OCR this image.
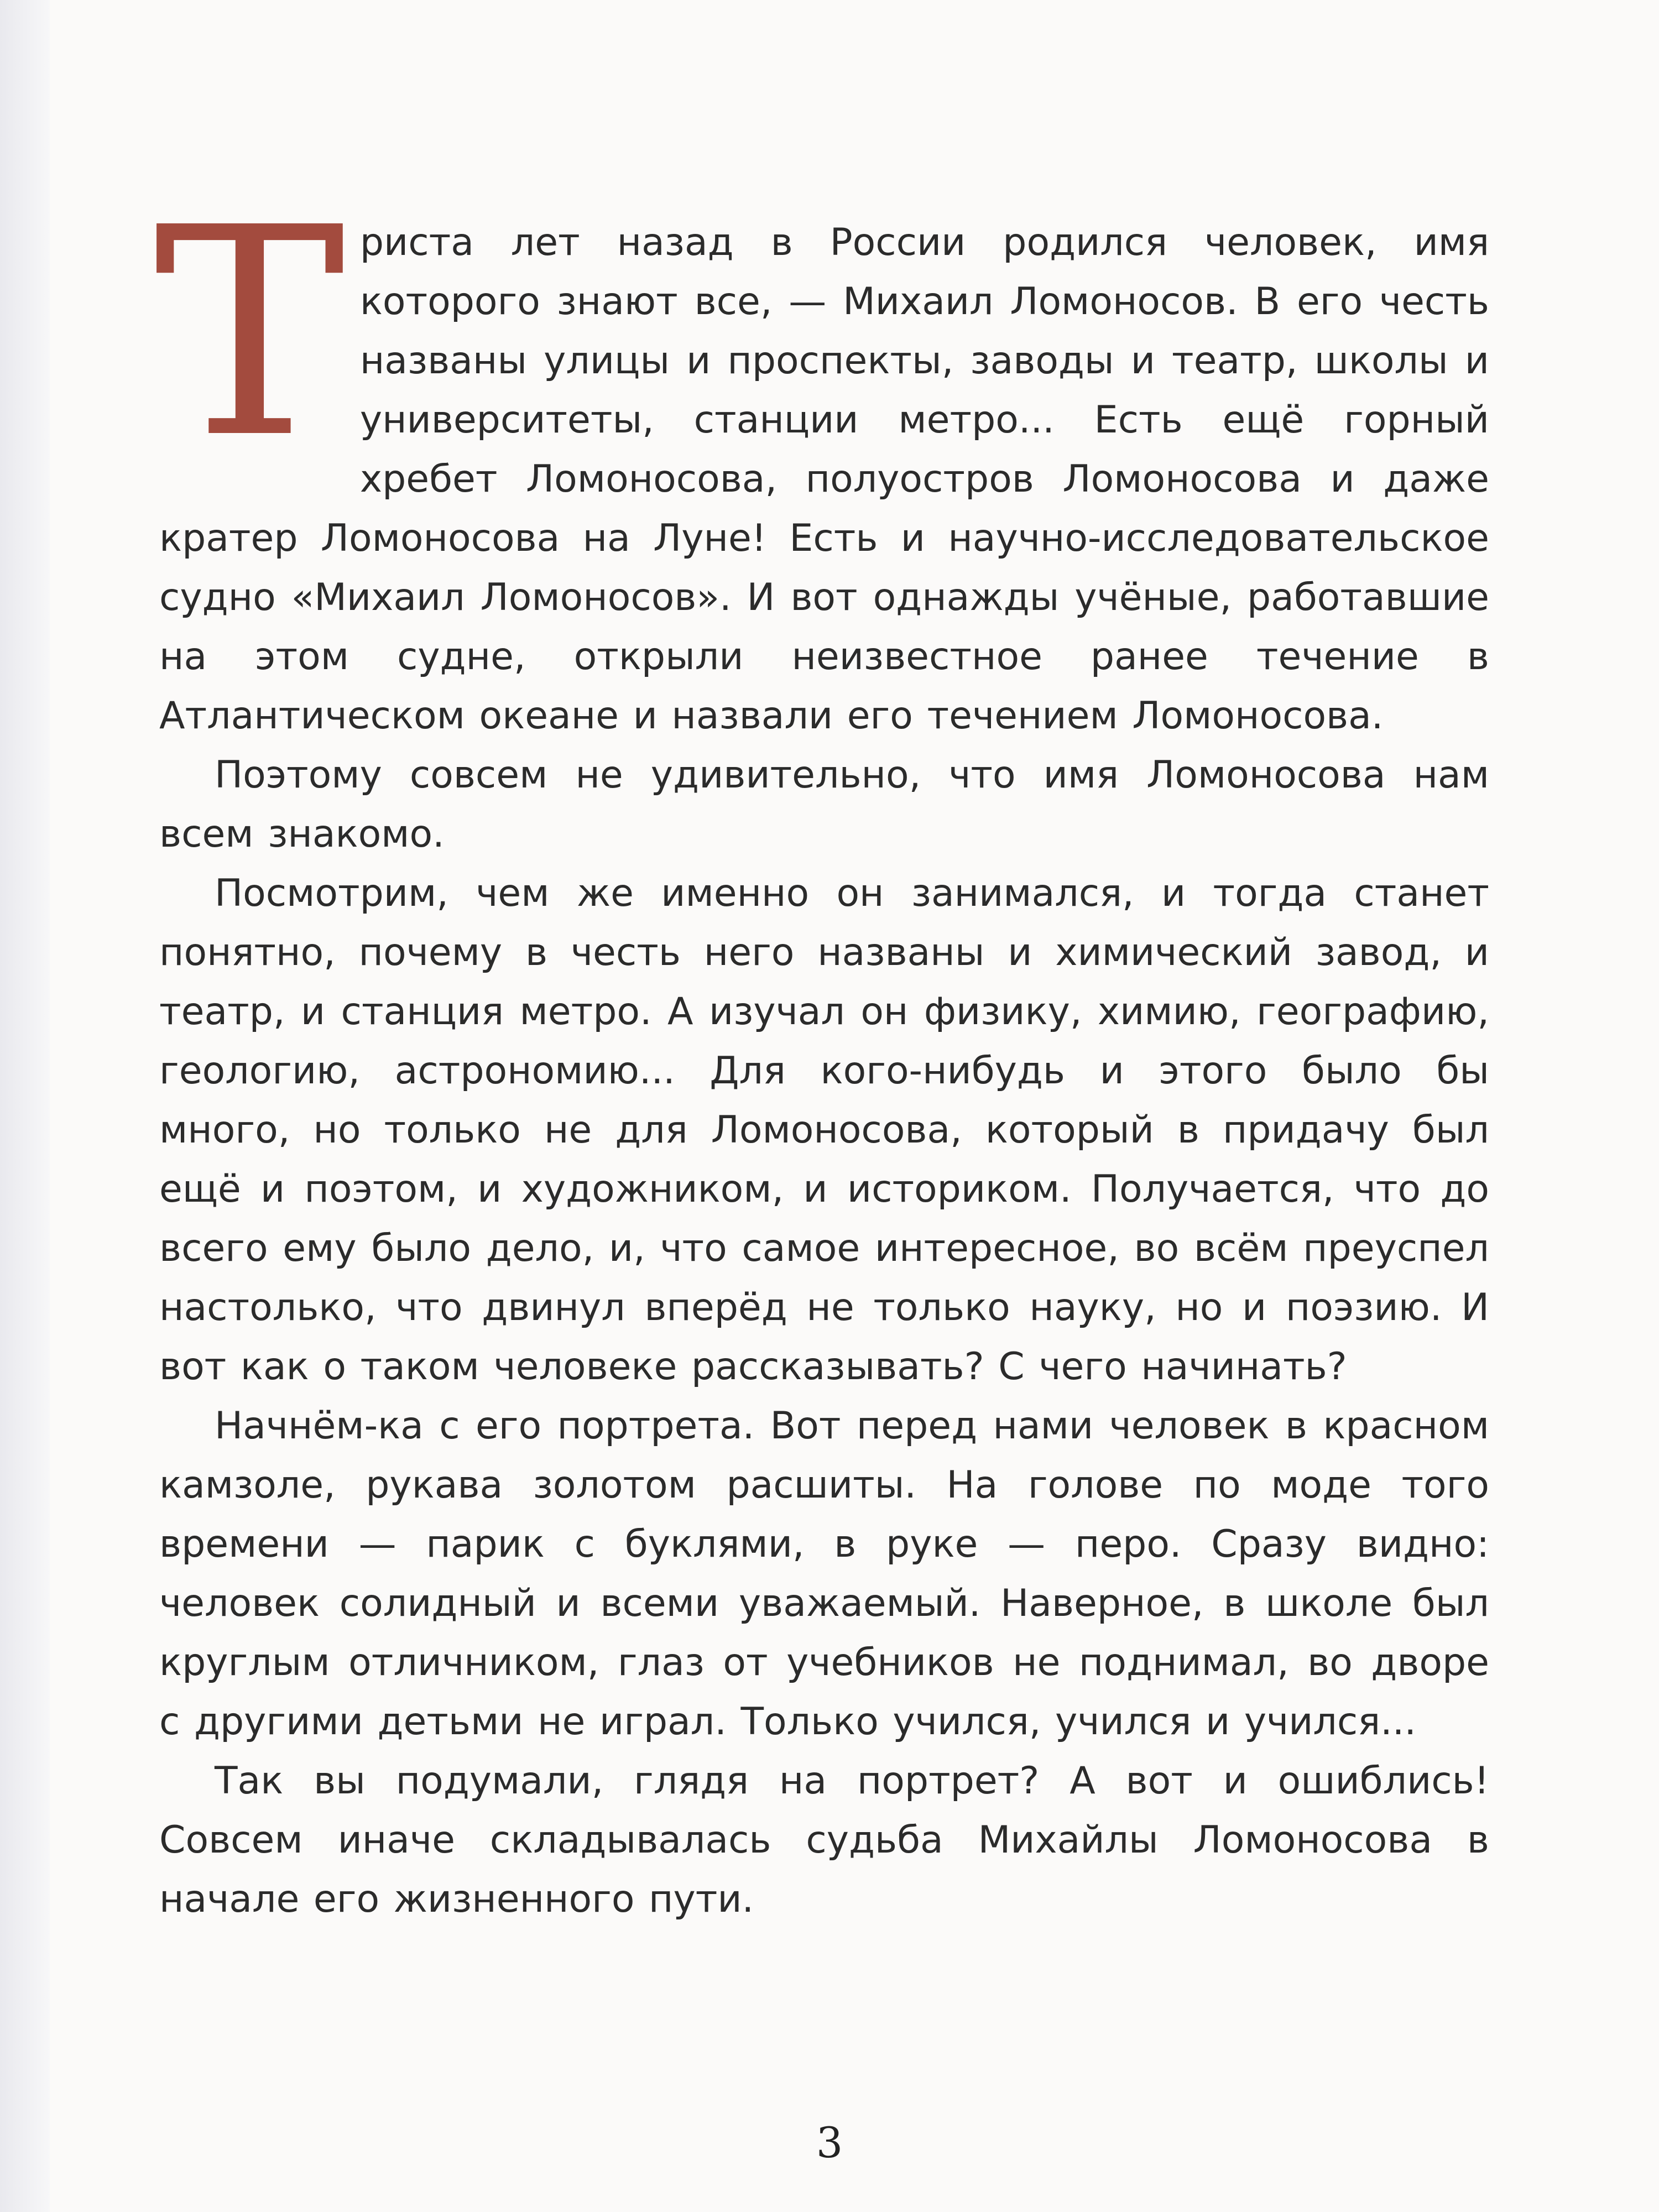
Триста лет назад в России родился человек, имя которого знают все, — Михаил Ломоносов. В его честь названы улицы и проспекты, заводы и театр, школы и университеты, станции метро... Есть ещё горный хребет Ломоносова, полуостров Ломоносова и даже кратер Ломоносова на Луне! Есть и научно-исследовательское судно «Михаил Ломоносов». И вот однажды учёные, работавшие на этом судне, открыли неизвестное ранее течение в Атлантическом океане и назвали его течением Ломоносова.

Поэтому совсем не удивительно, что имя Ломоносова нам всем знакомо.

Посмотрим, чем же именно он занимался, и тогда станет понятно, почему в честь него названы и химический завод, и театр, и станция метро. А изучал он физику, химию, географию, геологию, астрономию... Для кого-нибудь и этого было бы много, но только не для Ломоносова, который в придачу был ещё и поэтом, и художником, и историком. Получается, что до всего ему было дело, и, что самое интересное, во всём преуспел настолько, что двинул вперёд не только науку, но и поэзию. И вот как о таком человеке рассказывать? С чего начинать?

Начнём-ка с его портрета. Вот перед нами человек в красном камзоле, рукава золотом расшиты. На голове по моде того времени — парик с буклями, в руке — перо. Сразу видно: человек солидный и всеми уважаемый. Наверное, в школе был круглым отличником, глаз от учебников не поднимал, во дворе с другими детьми не играл. Только учился, учился и учился...

Так вы подумали, глядя на портрет? А вот и ошиблись! Совсем иначе складывалась судьба Михайлы Ломоносова в начале его жизненного пути.

3
